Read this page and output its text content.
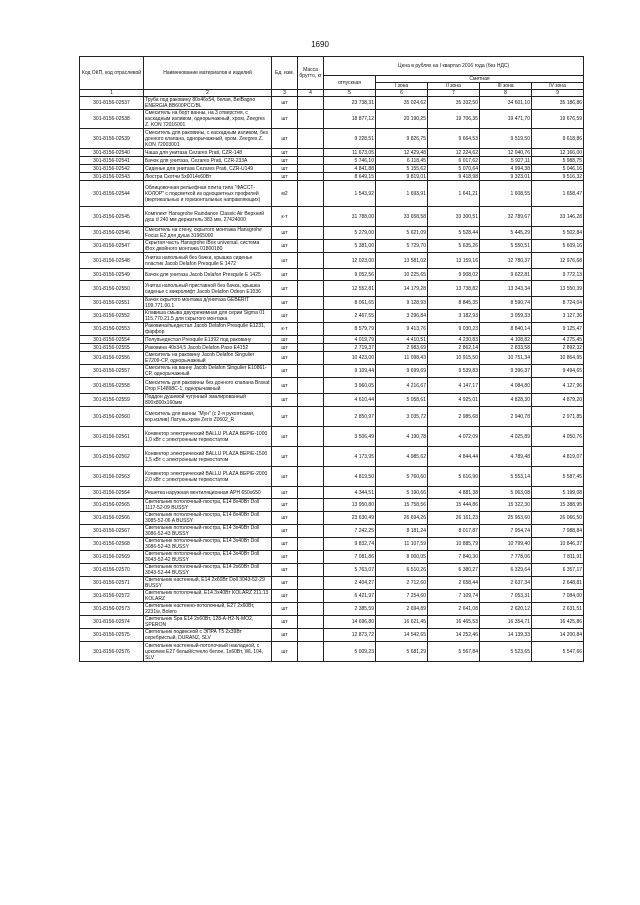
1690
Код ОКП, код отраслевой	Наименование материалов и изделий	Ед. изм.	Масса брутто, кг	Цена в рублях на I квартал 2016 года (без НДС)				
				отпускная	Сметная			
					I зона	II зона	III зона	IV зона
1	2	3	4	5	6	7	8	9
301-8156-02537	Труба под раковину 80х46х54, белая, BelBagno ENERGIA BB600PCC/BL	шт		23 738,31	35 024,62	35 332,50	34 601,10	35 186,86
301-8156-02538	Смеситель на борт ванны, на 3 отверстия, с каскадным изливом, однорычажный, хром, Zeegres Z. KON 72016001	шт		18 877,12	20 190,25	19 706,35	19 471,70	19 676,59
301-8156-02539	Смеситель для раковины, с каскадным изливом, без донного клапана, однорычажный, хром, Zeegres Z. KON 72003001	шт		9 228,51	9 826,75	9 664,53	9 519,50	9 618,86
301-8156-02540	Чаша для унитаза Cezares Prati, CZR-148	шт		11 673,05	12 429,48	12 224,62	12 040,76	12 166,00
301-8156-02541	Бачок для унитаза, Cezares Prati, CZR-233A	шт		5 746,10	6 118,45	6 017,62	5 927,11	5 988,75
301-8156-02542	Сиденье для унитаза Cezares Prati, CZR-U149	шт		4 841,88	5 155,62	5 070,64	4 994,38	5 046,16
301-8156-02543	Люстра Скотчи 5х6014х60Вт	шт		8 649,15	9 819,01	9 418,98	9 323,01	9 516,32
301-8156-02544	Облицовочная рельефная плита типа "ФАССТ-КОЛОР" с подсветкой из одноцветных профилей (вертикальных и горизонтальных направляющих)	м2		1 543,92	1 693,91	1 641,21	1 608,55	1 658,47
301-8156-02545	Комплект Hansgrohe Raindance Classic Air Верхний душ d 240 мм держатель 383 мм, 27424000	к-т		31 788,00	33 658,58	33 300,51	32 789,67	33 146,28
301-8156-02546	Смеситель на стену, скрытого монтажа Hansgrohe Focus E2 для душа 31965000	шт		5 279,00	5 621,09	5 528,44	5 445,29	5 502,84
301-8156-02547	Скрытая часть Hansgrohe iBox universal, система iBox двойного монтажа 01800180	шт		5 381,00	5 729,70	5 635,26	5 550,51	5 609,16
301-8156-02548	Унитаз напольный без бачка, крышка сиденье пластик Jacob Delafon Presquile E 1472	шт		12 023,00	13 581,02	13 159,16	12 780,37	12 976,68
301-8156-02549	Бачок для унитаза Jacob Delafon Presquile E 1425	шт		9 052,56	10 225,65	9 908,02	9 622,81	9 772,13
301-8156-02550	Унитаз напольный приставной без бачка, крышка сиденье с микролифт Jacob Delafon Odeon E1036	шт		12 552,81	14 179,28	13 738,82	13 343,34	13 550,39
301-8156-02551	Бачок скрытого монтажа д/унитаза GEBERIT 109.771.00.1	шт		8 061,65	9 128,93	8 845,35	8 590,74	8 724,04
301-8156-02552	Клавиша смыва двухрежимная для серии Sigma 01 115.770.21.5 для скрытого монтажа	шт		2 467,55	3 296,84	3 182,93	3 059,33	3 127,36
301-8156-02553	Раковина/пьедестал Jacob Delafon Presquile E1231, фарфор	к-т		8 579,79	9 413,76	9 030,23	8 840,14	9 125,47
301-8156-02554	Полупьедестал Presquile E1392 под раковину	шт		4 019,79	4 410,51	4 230,83	4 108,82	4 275,45
301-8156-02555	Раковина 40х34,5 Jacob Delafon Paso E4152	шт		2 719,37	2 983,69	2 862,14	2 833,58	2 892,32
301-8156-02556	Смеситель на раковину Jacob Delafon Singulier E7209-CP, однорычажный	шт		10 423,00	11 098,43	10 915,50	10 751,34	10 864,95
301-8156-02557	Смеситель на ванну Jacob Delafon Singulier E10861-CP, однорычажный	шт		9 109,44	9 699,69	9 539,83	9 396,37	9 494,65
301-8156-02558	Смеситель для раковины без донного клапана Bravat Drop F14898C-1, однорычажный	шт		3 960,05	4 216,67	4 147,17	4 084,80	4 127,96
301-8156-02559	Поддон душевой чугунный эмалированный 800х800х160мм	шт		4 610,44	5 058,61	4 925,01	4 828,30	4 879,20
301-8156-02560	Смеситель для ванны "Мун" (с 2-я рукоятками, кор.излив) Латунь,хром Zerix Z0602_R	шт		2 850,97	3 035,72	2 985,68	2 940,78	2 971,85
301-8156-02561	Конвектор электрический BALLU PLAZA BEP/E-1000 1,0 кВт с электронным термостатом	шт		3 506,49	4 190,78	4 072,09	4 025,89	4 050,76
301-8156-02562	Конвектор электрический BALLU PLAZA BEP/E-1500 1,5 кВт с электронным термостатом	шт		4 173,95	4 985,62	4 844,44	4 789,48	4 819,07
301-8156-02563	Конвектор электрический BALLU PLAZA BEP/E-2000 2,0 кВт с электронным термостатом	шт		4 819,50	5 760,60	5 616,90	5 553,14	5 587,45
301-8156-02564	Решетка наружная вентиляционная АРН 650х650	шт		4 344,51	5 190,66	4 881,38	5 063,08	5 199,08
301-8156-02565	Светильник потолочный-люстра, E14 8х40Вт Doll 1117-52-09 BUSSY	шт		13 950,80	15 758,56	15 444,86	15 322,30	15 388,95
301-8156-02566	Светильник потолочный-люстра, E14 8х40Вт Doll 3085-52-06 A BUSSY	шт		23 630,49	26 694,26	26 161,23	25 953,60	26 066,50
301-8156-02567	Светильник потолочный-люстра, E14 3х40Вт Doll 3086-52-43 BUSSY	шт		7 242,25	8 181,24	8 017,87	7 954,74	7 988,84
301-8156-02568	Светильник потолочный-люстра, E14 3х40Вт Doll 3086-52-43 BUSSY	шт		9 832,74	11 107,59	10 885,79	10 799,40	10 846,37
301-8156-02569	Светильник потолочный-люстра, E14 3х40Вт Doll 3043-52-42 BUSSY	шт		7 081,86	8 000,05	7 840,30	7 778,06	7 811,91
301-8156-02570	Светильник потолочный-люстра, E14 2х60Вт Doll 3043-52-44 BUSSY	шт		5 763,07	6 510,26	6 380,27	6 329,64	6 357,17
301-8156-02571	Светильник настенный, E14 2х60Вт Doll 3043-52-29 BUSSY	шт		2 404,27	2 712,60	2 658,44	2 637,34	2 648,81
301-8156-02572	Светильник потолочный, E14 3х40Вт KOLARZ 211.13 KOLARZ	шт		6 421,97	7 254,60	7 109,74	7 053,31	7 084,00
301-8156-02573	Светильник настенно-потолочный, E27 2х60Вт, 2231w, Bolero	шт		2 385,59	2 694,89	2 641,08	2 620,12	2 631,51
301-8156-02574	Светильник Spa E14 2х60Вт, 128-A-H2-N-MO2, SPERON	шт		14 696,80	16 621,45	16 465,53	16 354,71	16 425,86
301-8156-02575	Светильник подвесной с ЭПРА T5 2х39Вт серебристый, DURANZ, SLV	шт		12 873,72	14 542,65	14 252,46	14 139,33	14 200,84
301-8156-02576	Светильник настенный-потолочный накладной, с цоколем E27 белый/стекло белое, 1х60Вт, WL 104, SLV	шт		5 009,23	5 681,29	5 567,84	5 523,65	5 547,66
